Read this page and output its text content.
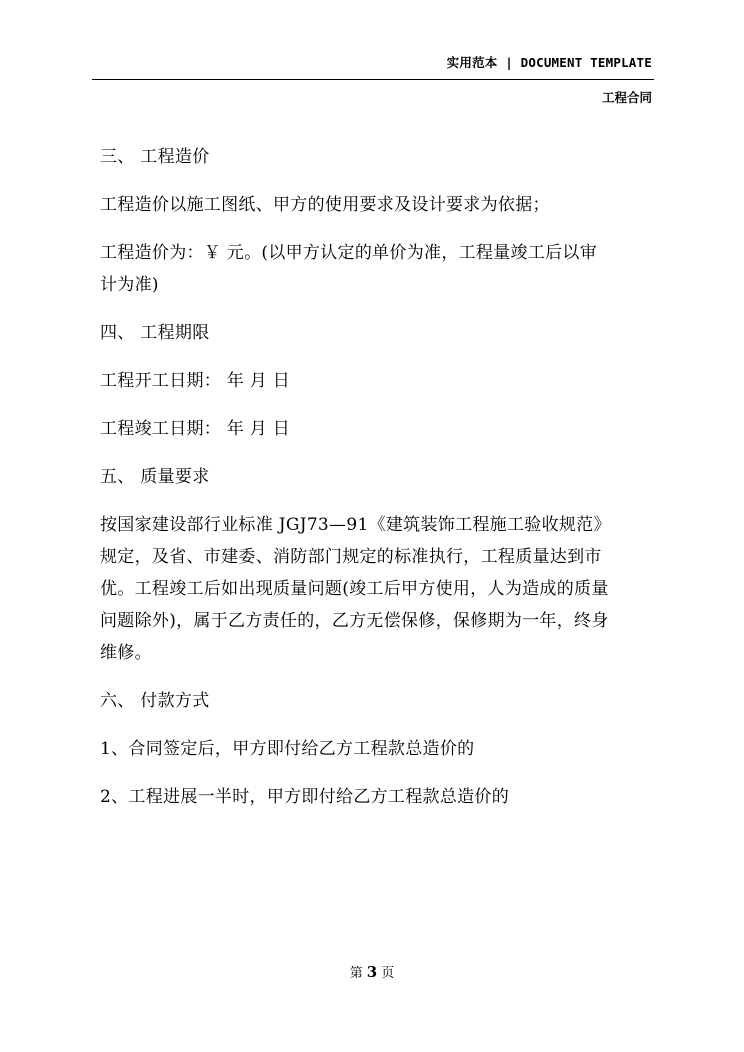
实用范本 | DOCUMENT TEMPLATE
工程合同
三、 工程造价
工程造价以施工图纸、甲方的使用要求及设计要求为依据；
工程造价为：￥ 元。(以甲方认定的单价为准，工程量竣工后以审
计为准)
四、 工程期限
工程开工日期： 年 月 日
工程竣工日期： 年 月 日
五、 质量要求
按国家建设部行业标准 JGJ73—91《建筑装饰工程施工验收规范》
规定，及省、市建委、消防部门规定的标准执行，工程质量达到市
优。工程竣工后如出现质量问题(竣工后甲方使用，人为造成的质量
问题除外)，属于乙方责任的，乙方无偿保修，保修期为一年，终身
维修。
六、 付款方式
1、合同签定后，甲方即付给乙方工程款总造价的
2、工程进展一半时，甲方即付给乙方工程款总造价的
第 3 页
